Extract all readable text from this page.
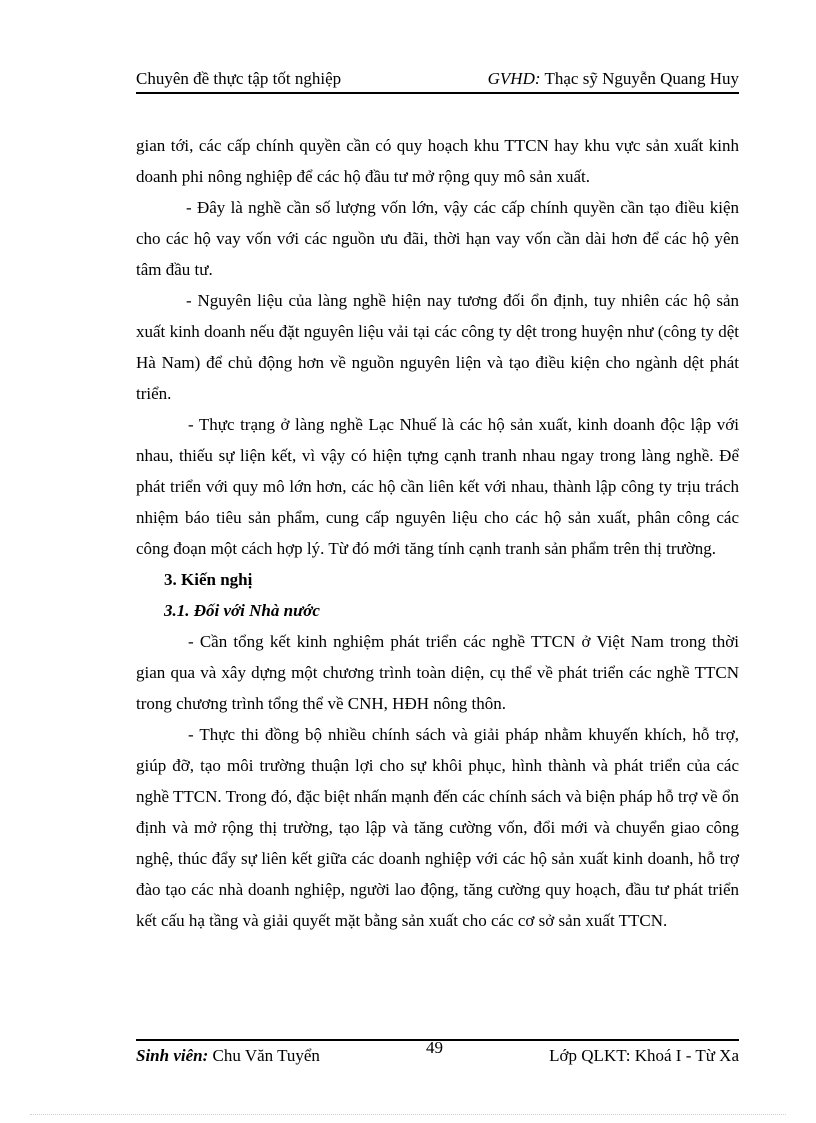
Chuyên đề thực tập tốt nghiệp	GVHD: Thạc sỹ Nguyễn Quang Huy

gian tới, các cấp chính quyền cần có quy hoạch khu TTCN hay khu vực sản xuất kinh doanh phi nông nghiệp để các hộ đầu tư mở rộng quy mô sản xuất.

- Đây là nghề cần số lượng vốn lớn, vậy các cấp chính quyền cần tạo điều kiện cho các hộ vay vốn với các nguồn ưu đãi, thời hạn vay vốn cần dài hơn để các hộ yên tâm đầu tư.

- Nguyên liệu của làng nghề hiện nay tương đối ổn định, tuy nhiên các hộ sản xuất kinh doanh nếu đặt nguyên liệu vải tại các công ty dệt trong huyện như (công ty dệt Hà Nam) để chủ động hơn về nguồn nguyên liện và tạo điều kiện cho ngành dệt phát triển.

- Thực trạng ở làng nghề Lạc Nhuế là các hộ sản xuất, kinh doanh độc lập với nhau, thiếu sự liện kết, vì vậy có hiện tựng cạnh tranh nhau ngay trong làng nghề. Để phát triển với quy mô lớn hơn, các hộ cần liên kết với nhau, thành lập công ty trịu trách nhiệm báo tiêu sản phẩm, cung cấp nguyên liệu cho các hộ sản xuất, phân công các công đoạn một cách hợp lý. Từ đó mới tăng tính cạnh tranh sản phẩm trên thị trường.

3. Kiến nghị

3.1. Đối với Nhà nước

- Cần tổng kết kinh nghiệm phát triển các nghề TTCN ở Việt Nam trong thời gian qua và xây dựng một chương trình toàn diện, cụ thể về phát triển các nghề TTCN trong chương trình tổng thể về CNH, HĐH nông thôn.

- Thực thi đồng bộ nhiều chính sách và giải pháp nhằm khuyến khích, hỗ trợ, giúp đỡ, tạo môi trường thuận lợi cho sự khôi phục, hình thành và phát triển của các nghề TTCN. Trong đó, đặc biệt nhấn mạnh đến các chính sách và biện pháp hỗ trợ về ổn định và mở rộng thị trường, tạo lập và tăng cường vốn, đổi mới và chuyển giao công nghệ, thúc đẩy sự liên kết giữa các doanh nghiệp với các hộ sản xuất kinh doanh, hỗ trợ đào tạo các nhà doanh nghiệp, người lao động, tăng cường quy hoạch, đầu tư phát triển kết cấu hạ tầng và giải quyết mặt bằng sản xuất cho các cơ sở sản xuất TTCN.

Sinh viên: Chu Văn Tuyển	49	Lớp QLKT: Khoá I - Từ Xa
